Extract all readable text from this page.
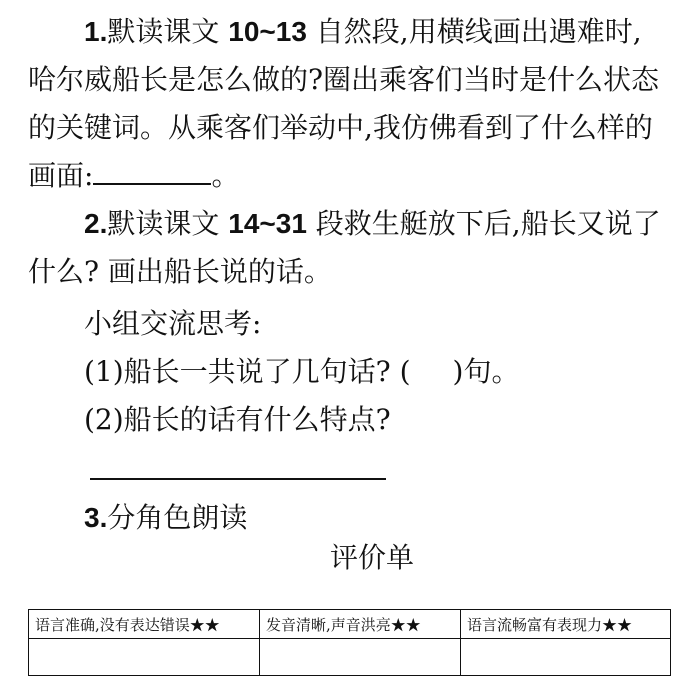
1.默读课文 10~13 自然段,用横线画出遇难时,
哈尔威船长是怎么做的?圈出乘客们当时是什么状态
的关键词。从乘客们举动中,我仿佛看到了什么样的
画面:	。
2.默读课文 14~31 段救生艇放下后,船长又说了
什么? 画出船长说的话。
小组交流思考:
(1)船长一共说了几句话? ( )句。
(2)船长的话有什么特点?
3.分角色朗读
评价单
语言准确,没有表达错误★★	发音清晰,声音洪亮★★	语言流畅富有表现力★★
